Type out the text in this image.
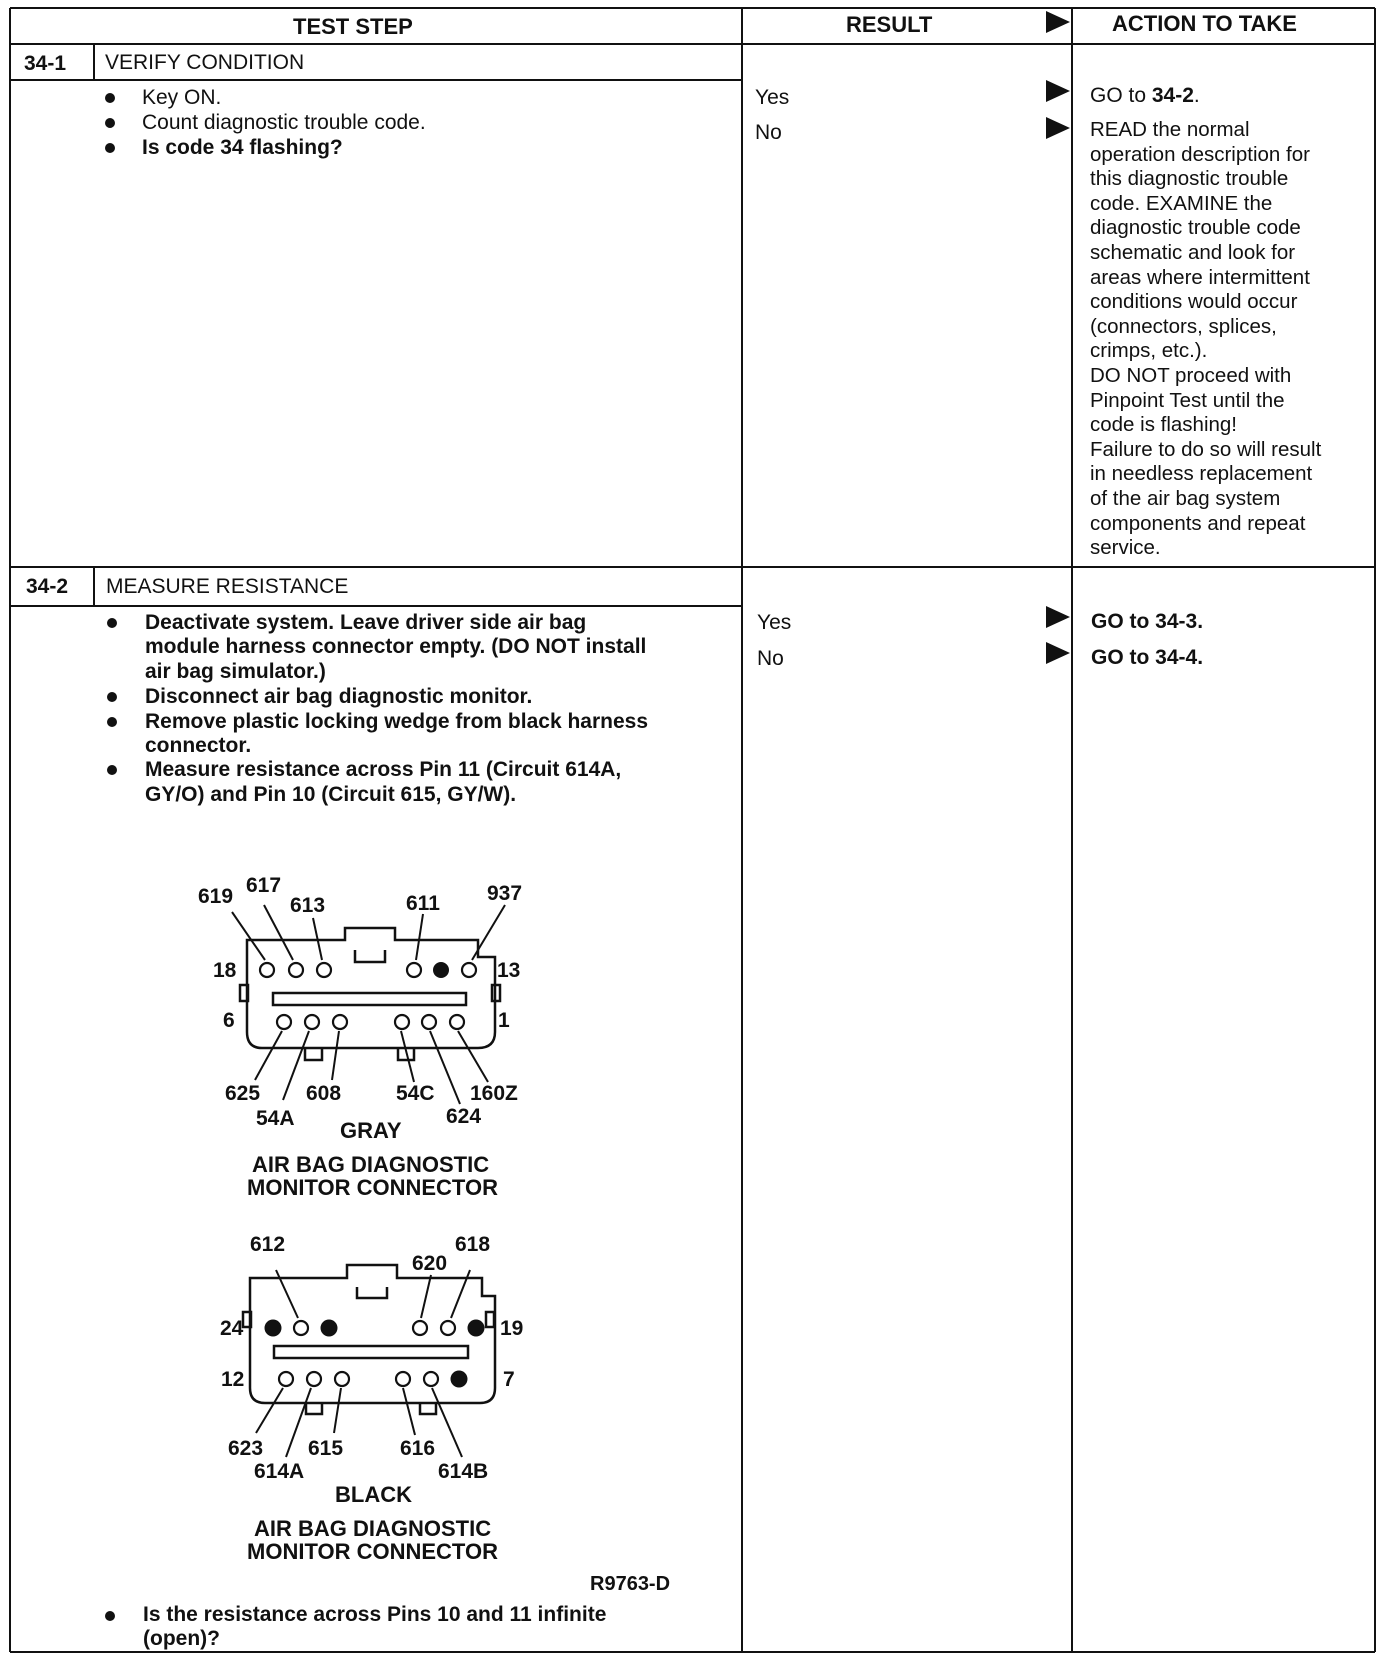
TEST STEP	RESULT	ACTION TO TAKE
34-1 VERIFY CONDITION
Key ON.
Count diagnostic trouble code.
Is code 34 flashing?
Yes	GO to 34-2.
No	READ the normal
operation description for
this diagnostic trouble
code. EXAMINE the
diagnostic trouble code
schematic and look for
areas where intermittent
conditions would occur
(connectors, splices,
crimps, etc.).
DO NOT proceed with
Pinpoint Test until the
code is flashing!
Failure to do so will result
in needless replacement
of the air bag system
components and repeat
service.
34-2 MEASURE RESISTANCE
Deactivate system. Leave driver side air bag
module harness connector empty. (DO NOT install
air bag simulator.)
Disconnect air bag diagnostic monitor.
Remove plastic locking wedge from black harness
connector.
Measure resistance across Pin 11 (Circuit 614A,
GY/O) and Pin 10 (Circuit 615, GY/W).
Yes	GO to 34-3.
No	GO to 34-4.
619 617
613	611 937
18	13
6	1
625 608	54C 160Z
54A	624
GRAY
AIR BAG DIAGNOSTIC
MONITOR CONNECTOR
612	618
620
24	19
12	7
623 615	616
614A	614B
BLACK
AIR BAG DIAGNOSTIC
MONITOR CONNECTOR
R9763-D
Is the resistance across Pins 10 and 11 infinite
(open)?
